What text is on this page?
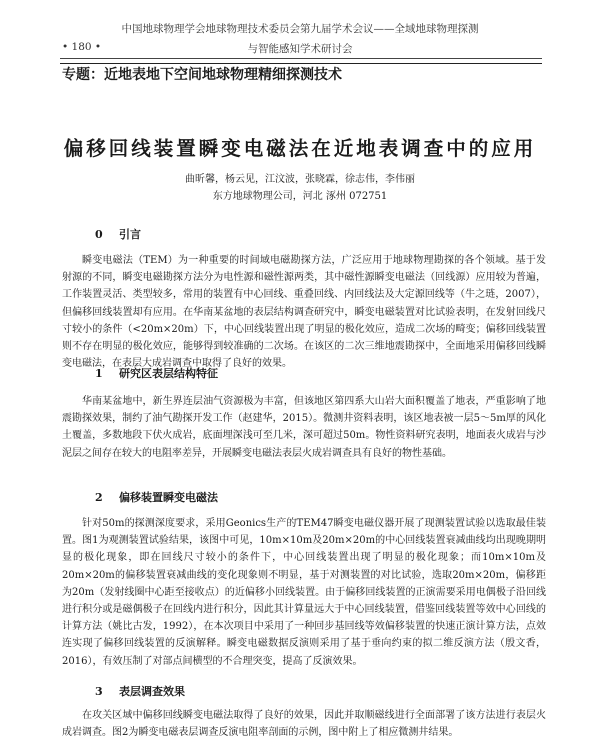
中国地球物理学会地球物理技术委员会第九届学术会议——全域地球物理探测
• 180 •	与智能感知学术研讨会
专题：近地表地下空间地球物理精细探测技术
偏移回线装置瞬变电磁法在近地表调查中的应用
曲昕馨，杨云见，江汶波，张晓霖，徐志伟，李伟丽
东方地球物理公司，河北 涿州 072751
0 引言

瞬变电磁法（TEM）为一种重要的时间域电磁勘探方法，广泛应用于地球物理勘探的各个领域。基于发射源的不同，瞬变电磁勘探方法分为电性源和磁性源两类，其中磁性源瞬变电磁法（回线源）应用较为普遍，工作装置灵活、类型较多，常用的装置有中心回线、重叠回线、内回线法及大定源回线等（牛之琏，2007），但偏移回线装置却有应用。在华南某盆地的表层结构调查研究中，瞬变电磁装置对比试验表明，在发射回线尺寸较小的条件（<20m×20m）下，中心回线装置出现了明显的极化效应，造成二次场的畸变；偏移回线装置则不存在明显的极化效应，能够得到较准确的二次场。在该区的二次三维地震勘探中，全面地采用偏移回线瞬变电磁法，在表层大成岩调查中取得了良好的效果。

1 研究区表层结构特征

华南某盆地中，新生界连层油气资源极为丰富，但该地区第四系大山岩大面积覆盖了地表，严重影响了地震勘探效果，制约了油气勘探开发工作（赵建华，2015）。微测井资料表明，该区地表被一层5～5m厚的风化土覆盖，多数地段下伏火成岩，底面埋深浅可至几米，深可超过50m。物性资料研究表明，地面表火成岩与沙泥层之间存在较大的电阻率差异，开展瞬变电磁法表层火成岩调查具有良好的物性基础。

2 偏移装置瞬变电磁法

针对50m的探测深度要求，采用Geonics生产的TEM47瞬变电磁仪器开展了现测装置试验以选取最佳装置。图1为观测装置试验结果，该图中可见，10m×10m及20m×20m的中心回线装置衰减曲线均出现晚期明显的极化现象，即在回线尺寸较小的条件下，中心回线装置出现了明显的极化现象；而10m×10m及20m×20m的偏移装置衰减曲线的变化现象则不明显，基于对测装置的对比试验，选取20m×20m，偏移距为20m（发射线圈中心距至接收点）的近偏移小回线装置。由于偏移回线装置的正演需要采用电偶极子沿回线进行积分或是磁偶极子在回线内进行积分，因此其计算量远大于中心回线装置，借鉴回线装置等效中心回线的计算方法（姚比古发，1992），在本次项目中采用了一种回步基回线等效偏移装置的快速正演计算方法，点效连实现了偏移回线装置的反演解释。瞬变电磁数据反演则采用了基于垂向约束的拟二维反演方法（殷文香，2016），有效压制了对部点间横型的不合理突变，提高了反演效果。

3 表层调查效果

在攻关区域中偏移回线瞬变电磁法取得了良好的效果，因此并取顺磁线进行全面部署了该方法进行表层火成岩调查。图2为瞬变电磁表层调查反演电阻率剖面的示例，图中附上了相应微测井结果。
